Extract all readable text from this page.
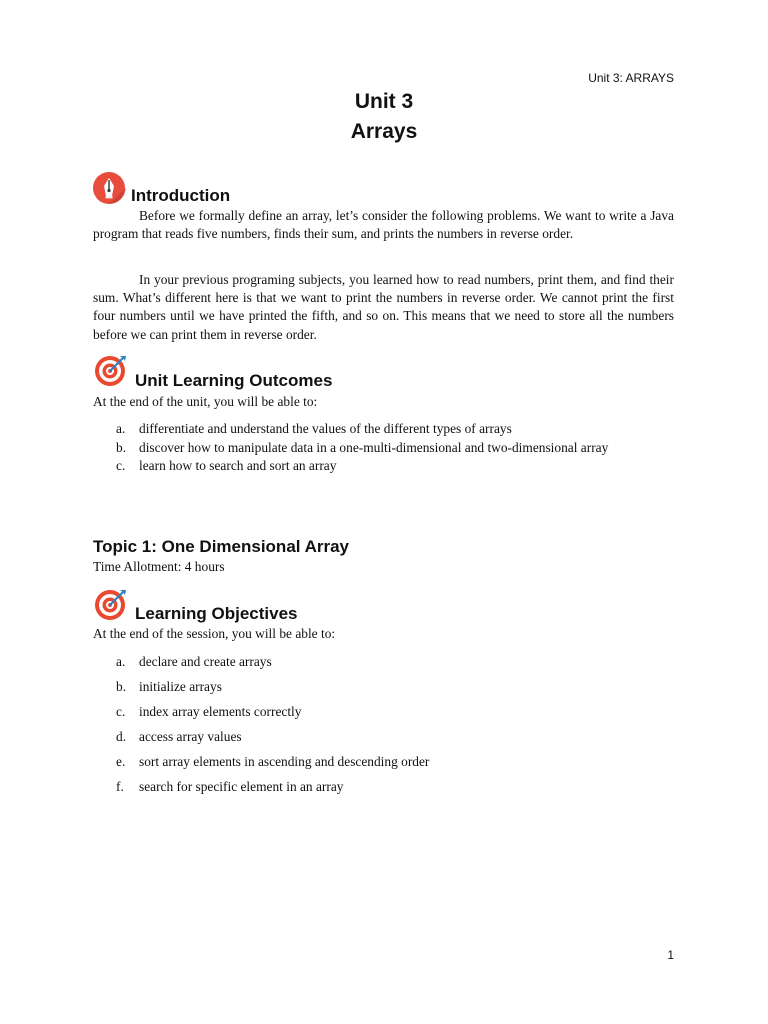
Unit 3: ARRAYS
Unit 3
Arrays
Introduction

Before we formally define an array, let’s consider the following problems. We want to write a Java program that reads five numbers, finds their sum, and prints the numbers in reverse order.

In your previous programing subjects, you learned how to read numbers, print them, and find their sum. What’s different here is that we want to print the numbers in reverse order. We cannot print the first four numbers until we have printed the fifth, and so on. This means that we need to store all the numbers before we can print them in reverse order.

Unit Learning Outcomes
At the end of the unit, you will be able to:
a. differentiate and understand the values of the different types of arrays
b. discover how to manipulate data in a one-multi-dimensional and two-dimensional array
c. learn how to search and sort an array
Topic 1: One Dimensional Array
Time Allotment: 4 hours
Learning Objectives
At the end of the session, you will be able to:
a. declare and create arrays
b. initialize arrays
c. index array elements correctly
d. access array values
e. sort array elements in ascending and descending order
f. search for specific element in an array
1
